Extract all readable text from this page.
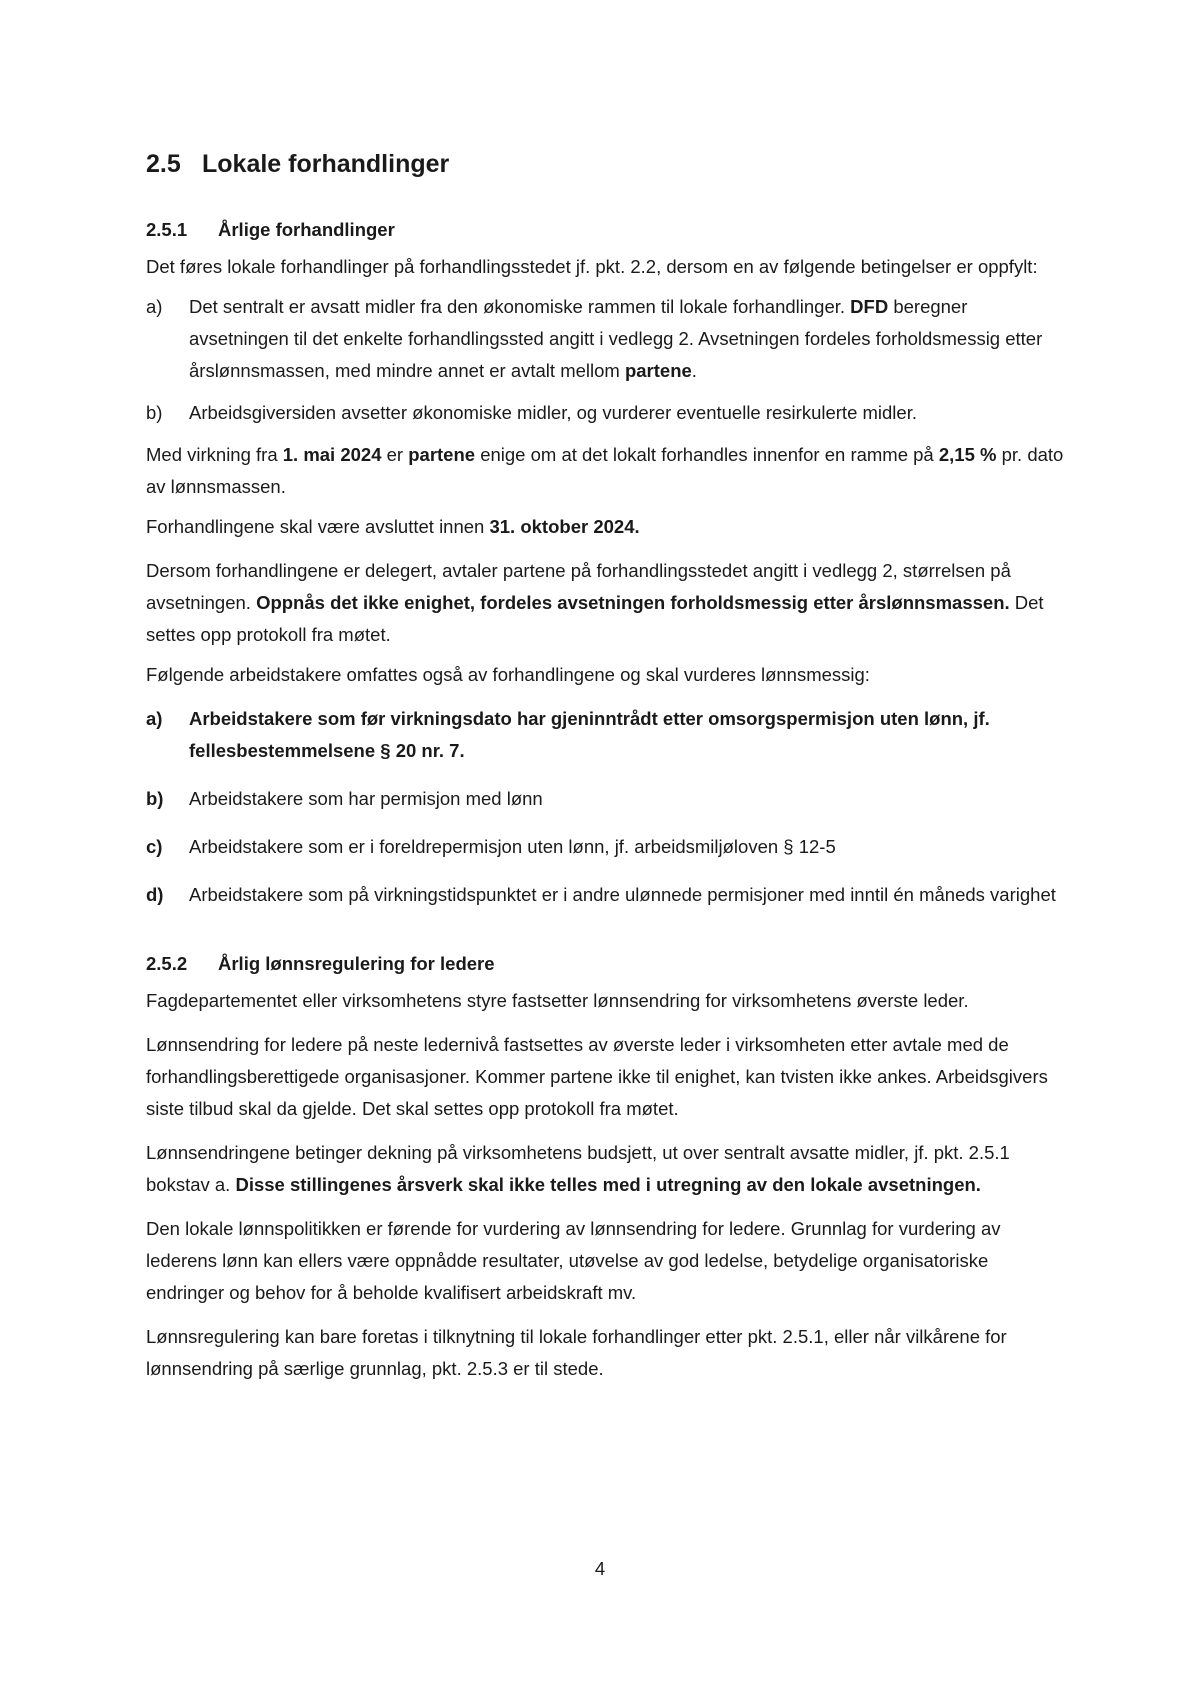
2.5 Lokale forhandlinger
2.5.1	Årlige forhandlinger

Det føres lokale forhandlinger på forhandlingsstedet jf. pkt. 2.2, dersom en av følgende betingelser er oppfylt:

a)	Det sentralt er avsatt midler fra den økonomiske rammen til lokale forhandlinger. DFD beregner avsetningen til det enkelte forhandlingssted angitt i vedlegg 2. Avsetningen fordeles forholdsmessig etter årslønnsmassen, med mindre annet er avtalt mellom partene.
b)	Arbeidsgiversiden avsetter økonomiske midler, og vurderer eventuelle resirkulerte midler.

Med virkning fra 1. mai 2024 er partene enige om at det lokalt forhandles innenfor en ramme på 2,15 % pr. dato av lønnsmassen.

Forhandlingene skal være avsluttet innen 31. oktober 2024.

Dersom forhandlingene er delegert, avtaler partene på forhandlingsstedet angitt i vedlegg 2, størrelsen på avsetningen. Oppnås det ikke enighet, fordeles avsetningen forholdsmessig etter årslønnsmassen. Det settes opp protokoll fra møtet.

Følgende arbeidstakere omfattes også av forhandlingene og skal vurderes lønnsmessig:

a)	Arbeidstakere som før virkningsdato har gjeninntrådt etter omsorgspermisjon uten lønn, jf. fellesbestemmelsene § 20 nr. 7.
b)	Arbeidstakere som har permisjon med lønn
c)	Arbeidstakere som er i foreldrepermisjon uten lønn, jf. arbeidsmiljøloven § 12-5
d)	Arbeidstakere som på virkningstidspunktet er i andre ulønnede permisjoner med inntil én måneds varighet
2.5.2	Årlig lønnsregulering for ledere

Fagdepartementet eller virksomhetens styre fastsetter lønnsendring for virksomhetens øverste leder.

Lønnsendring for ledere på neste ledernivå fastsettes av øverste leder i virksomheten etter avtale med de forhandlingsberettigede organisasjoner. Kommer partene ikke til enighet, kan tvisten ikke ankes. Arbeidsgivers siste tilbud skal da gjelde. Det skal settes opp protokoll fra møtet.

Lønnsendringene betinger dekning på virksomhetens budsjett, ut over sentralt avsatte midler, jf. pkt. 2.5.1 bokstav a. Disse stillingenes årsverk skal ikke telles med i utregning av den lokale avsetningen.

Den lokale lønnspolitikken er førende for vurdering av lønnsendring for ledere. Grunnlag for vurdering av lederens lønn kan ellers være oppnådde resultater, utøvelse av god ledelse, betydelige organisatoriske endringer og behov for å beholde kvalifisert arbeidskraft mv.

Lønnsregulering kan bare foretas i tilknytning til lokale forhandlinger etter pkt. 2.5.1, eller når vilkårene for lønnsendring på særlige grunnlag, pkt. 2.5.3 er til stede.

4
